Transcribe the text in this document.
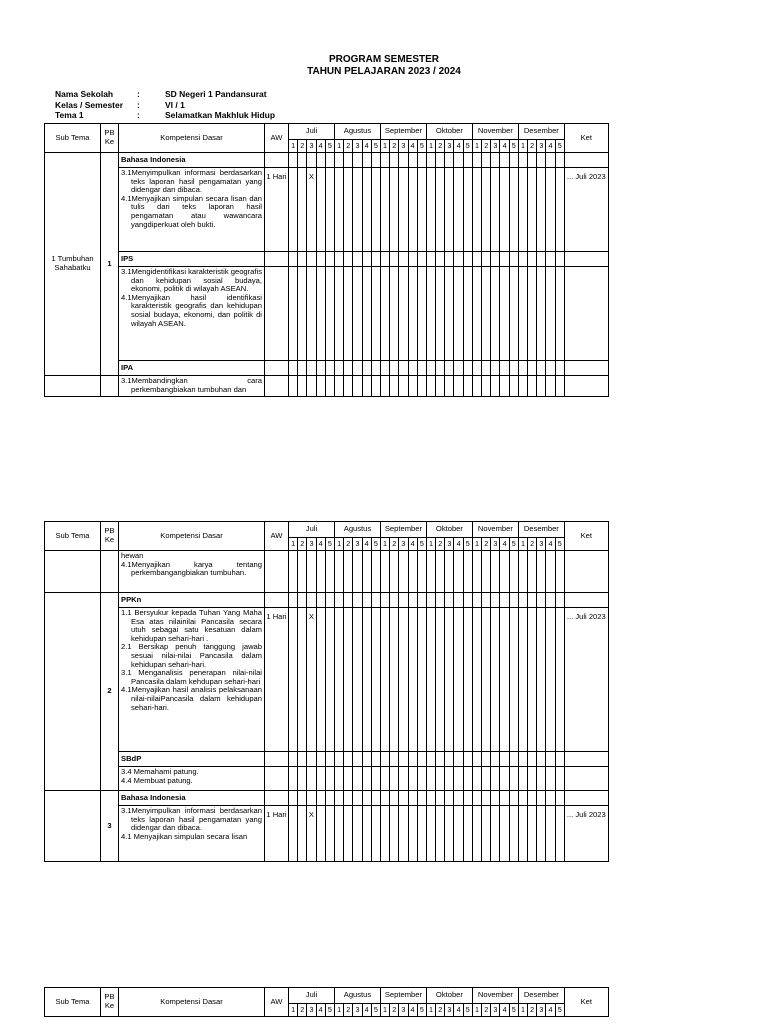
PROGRAM SEMESTER
TAHUN PELAJARAN 2023 / 2024
Nama Sekolah	:	SD Negeri 1 Pandansurat
Kelas / Semester	:	VI / 1
Tema 1	:	Selamatkan Makhluk Hidup
Sub Tema	PB Ke	Kompetensi Dasar	AW	Juli					Agustus					September					Oktober					November					Desember					Ket
				1	2	3	4	5	1	2	3	4	5	1	2	3	4	5	1	2	3	4	5	1	2	3	4	5	1	2	3	4	5	
1 Tumbuhan Sahabatku	1	Bahasa Indonesia																																

		3.1Menyimpulkan informasi berdasarkan teks laporan hasil pengamatan yang didengar dan dibaca.
4.1Menyajikan simpulan secara lisan dan tulis dari teks laporan hasil pengamatan atau wawancara yangdiperkuat oleh bukti.	1 Hari			X																												... Juli 2023
		IPS																																

		3.1Mengidentifikasi karakteristik geografis dan kehidupan sosial budaya, ekonomi, politik di wilayah ASEAN.
4.1Menyajikan hasil identifikasi karakteristik geografis dan kehidupan sosial budaya, ekonomi, dan politik di wilayah ASEAN.																																

		IPA																																

		3.1Membandingkan cara perkembangbiakan tumbuhan dan																																

Sub Tema	PB Ke	Kompetensi Dasar	AW	Juli					Agustus					September					Oktober					November					Desember					Ket
				1	2	3	4	5	1	2	3	4	5	1	2	3	4	5	1	2	3	4	5	1	2	3	4	5	1	2	3	4	5	

		hewan
4.1Menyajikan karya tentang perkembangangbiakan tumbuhan.																																

	2	PPKn																																

		1.1 Bersyukur kepada Tuhan Yang Maha Esa atas nilainilai Pancasila secara utuh sebagai satu kesatuan dalam kehidupan sehari-hari .
2.1 Bersikap penuh tanggung jawab sesuai nilai-nilai Pancasila dalam kehidupan sehari-hari.
3.1 Menganalisis penerapan nilai-nilai Pancasila dalam kehdupan sehari-hari
4.1Menyajikan hasil analisis pelaksanaan nilai-nilaiPancasila dalam kehidupan sehari-hari.	1 Hari			X																												... Juli 2023
		SBdP																																

		3.4 Memahami patung.
4.4 Membuat patung.																																

	3	Bahasa Indonesia																																

		3.1Menyimpulkan informasi berdasarkan teks laporan hasil pengamatan yang didengar dan dibaca.
4.1 Menyajikan simpulan secara lisan	1 Hari			X																												... Juli 2023
Sub Tema	PB Ke	Kompetensi Dasar	AW	Juli					Agustus					September					Oktober					November					Desember					Ket
				1	2	3	4	5	1	2	3	4	5	1	2	3	4	5	1	2	3	4	5	1	2	3	4	5	1	2	3	4	5	
